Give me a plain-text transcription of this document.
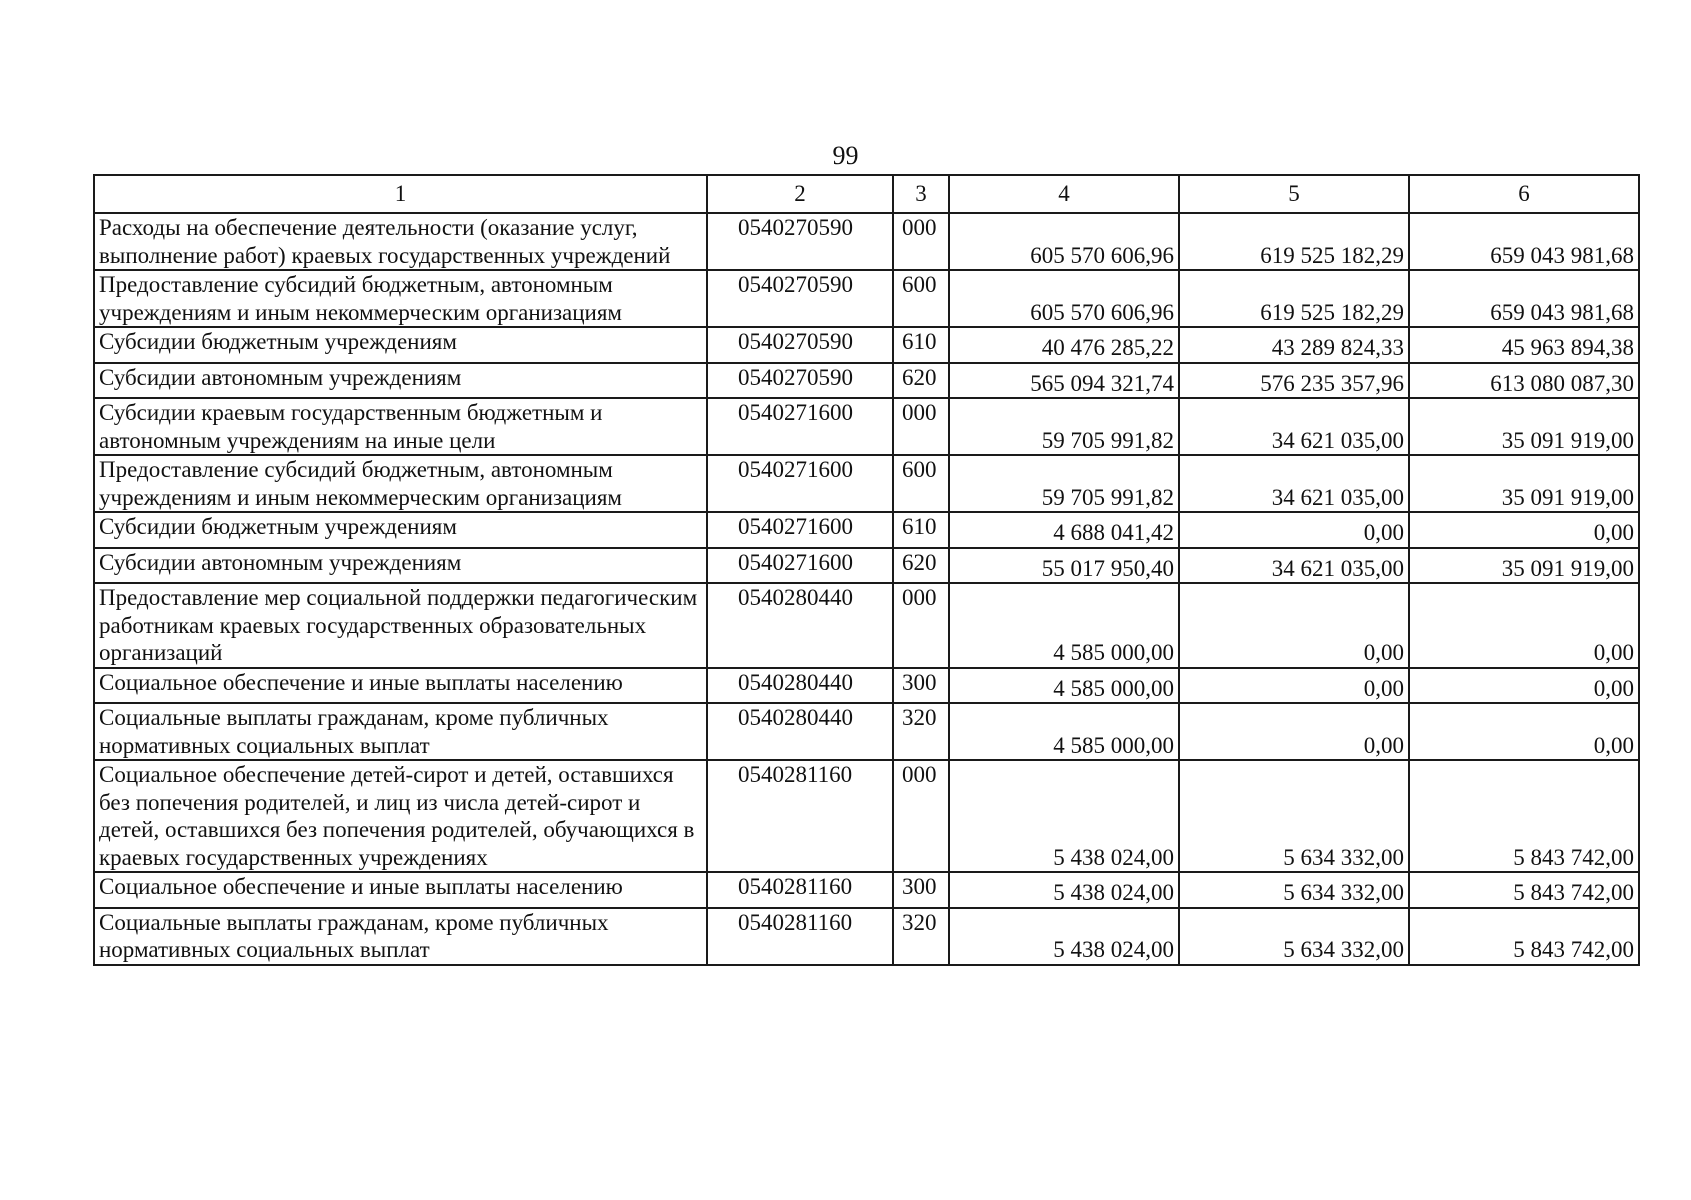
99
1	2	3	4	5	6
Расходы на обеспечение деятельности (оказание услуг, выполнение работ) краевых государственных учреждений	0540270590	000	605 570 606,96	619 525 182,29	659 043 981,68
Предоставление субсидий бюджетным, автономным учреждениям и иным некоммерческим организациям	0540270590	600	605 570 606,96	619 525 182,29	659 043 981,68
Субсидии бюджетным учреждениям	0540270590	610	40 476 285,22	43 289 824,33	45 963 894,38
Субсидии автономным учреждениям	0540270590	620	565 094 321,74	576 235 357,96	613 080 087,30
Субсидии краевым государственным бюджетным и автономным учреждениям на иные цели	0540271600	000	59 705 991,82	34 621 035,00	35 091 919,00
Предоставление субсидий бюджетным, автономным учреждениям и иным некоммерческим организациям	0540271600	600	59 705 991,82	34 621 035,00	35 091 919,00
Субсидии бюджетным учреждениям	0540271600	610	4 688 041,42	0,00	0,00
Субсидии автономным учреждениям	0540271600	620	55 017 950,40	34 621 035,00	35 091 919,00
Предоставление мер социальной поддержки педагогическим работникам краевых государственных образовательных организаций	0540280440	000	4 585 000,00	0,00	0,00
Социальное обеспечение и иные выплаты населению	0540280440	300	4 585 000,00	0,00	0,00
Социальные выплаты гражданам, кроме публичных нормативных социальных выплат	0540280440	320	4 585 000,00	0,00	0,00
Социальное обеспечение детей-сирот и детей, оставшихся без попечения родителей, и лиц из числа детей-сирот и детей, оставшихся без попечения родителей, обучающихся в краевых государственных учреждениях	0540281160	000	5 438 024,00	5 634 332,00	5 843 742,00
Социальное обеспечение и иные выплаты населению	0540281160	300	5 438 024,00	5 634 332,00	5 843 742,00
Социальные выплаты гражданам, кроме публичных нормативных социальных выплат	0540281160	320	5 438 024,00	5 634 332,00	5 843 742,00
